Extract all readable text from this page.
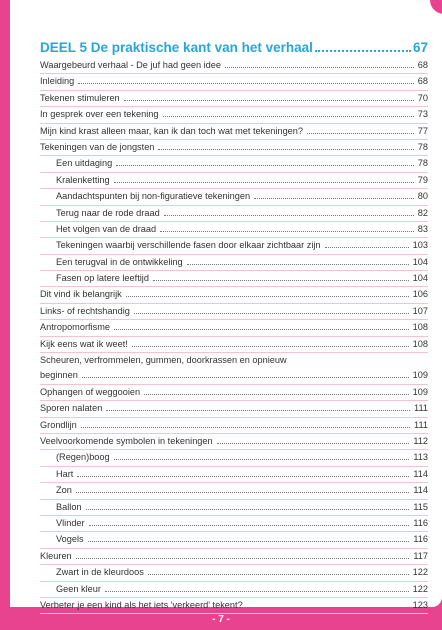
DEEL 5 De praktische kant van het verhaal	67
Waargebeurd verhaal - De juf had geen idee	68
Inleiding	68
Tekenen stimuleren	70
In gesprek over een tekening	73
Mijn kind krast alleen maar, kan ik dan toch wat met tekeningen?	77
Tekeningen van de jongsten	78
Een uitdaging	78
Kralenketting	79
Aandachtspunten bij non-figuratieve tekeningen	80
Terug naar de rode draad	82
Het volgen van de draad	83
Tekeningen waarbij verschillende fasen door elkaar zichtbaar zijn	103
Een terugval in de ontwikkeling	104
Fasen op latere leeftijd	104
Dit vind ik belangrijk	106
Links- of rechtshandig	107
Antropomorfisme	108
Kijk eens wat ik weet!	108
Scheuren, verfrommelen, gummen, doorkrassen en opnieuw
beginnen	109
Ophangen of weggooien	109
Sporen nalaten	111
Grondlijn	111
Veelvoorkomende symbolen in tekeningen	112
(Regen)boog	113
Hart	114
Zon	114
Ballon	115
Vlinder	116
Vogels	116
Kleuren	117
Zwart in de kleurdoos	122
Geen kleur	122
Verbeter je een kind als het iets 'verkeerd' tekent?	123
- 7 -
